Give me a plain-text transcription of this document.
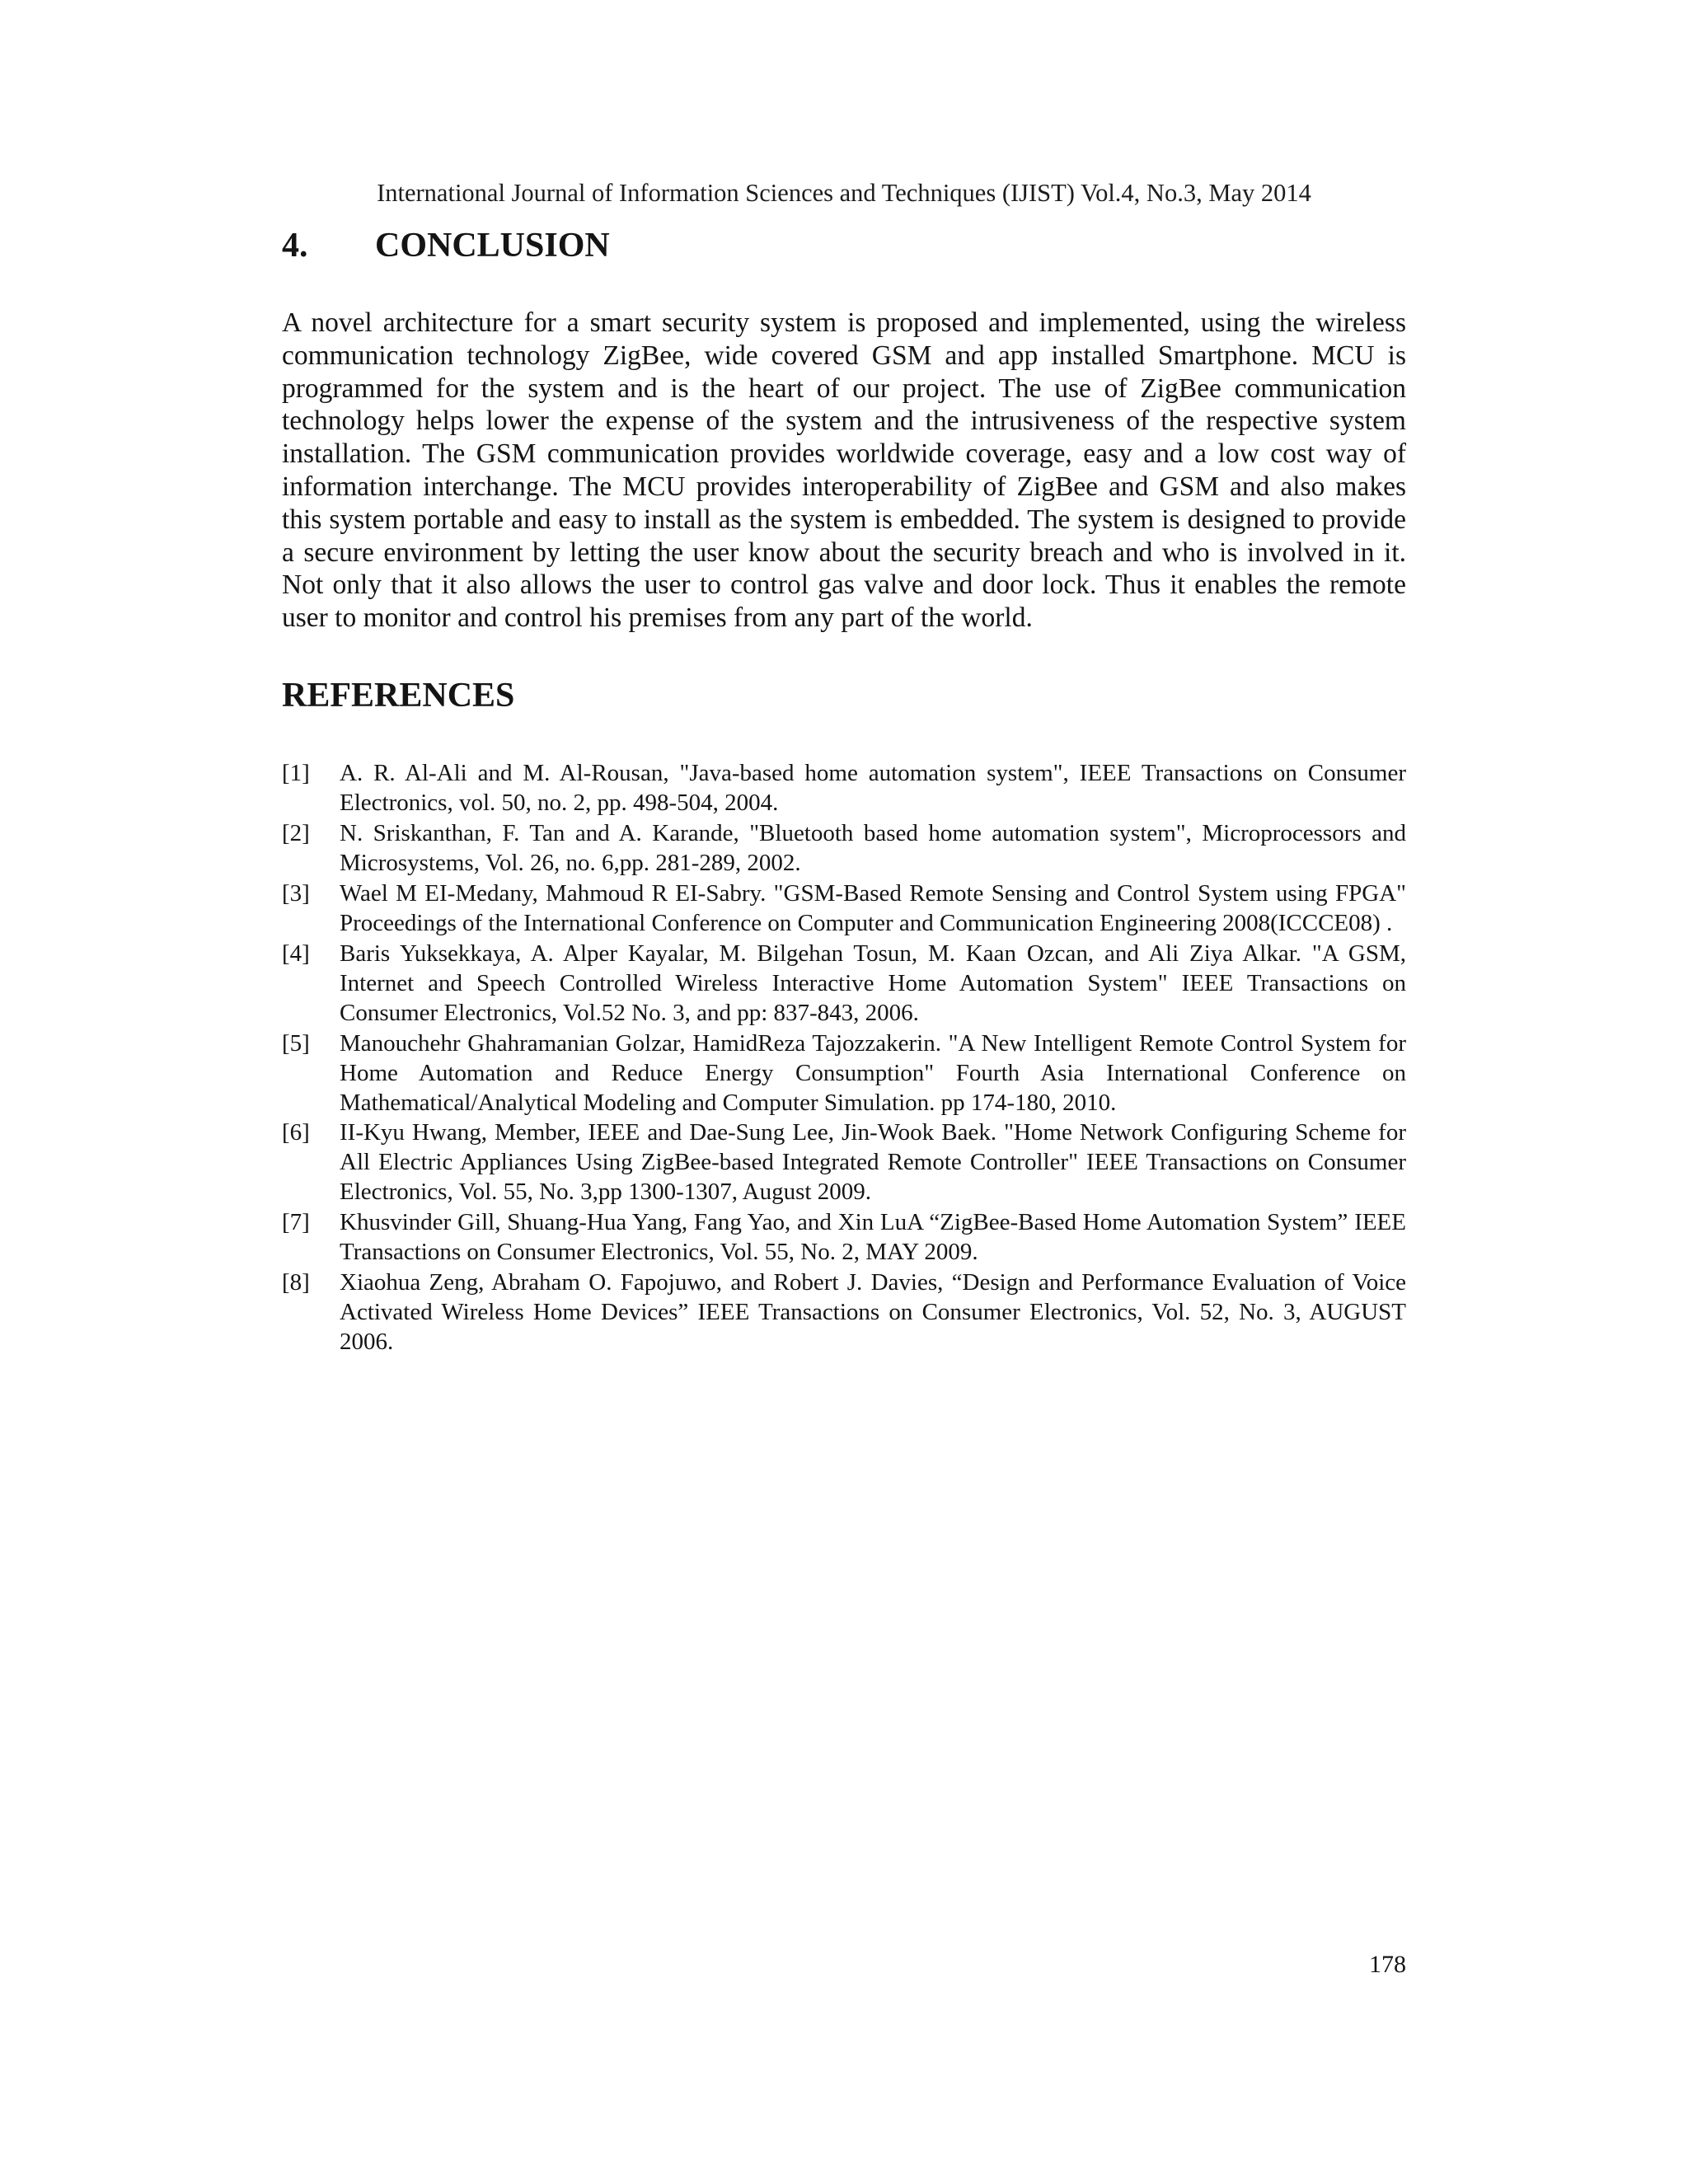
International Journal of Information Sciences and Techniques (IJIST) Vol.4, No.3, May 2014
4. CONCLUSION

A novel architecture for a smart security system is proposed and implemented, using the wireless communication technology ZigBee, wide covered GSM and app installed Smartphone. MCU is programmed for the system and is the heart of our project. The use of ZigBee communication technology helps lower the expense of the system and the intrusiveness of the respective system installation. The GSM communication provides worldwide coverage, easy and a low cost way of information interchange. The MCU provides interoperability of ZigBee and GSM and also makes this system portable and easy to install as the system is embedded. The system is designed to provide a secure environment by letting the user know about the security breach and who is involved in it. Not only that it also allows the user to control gas valve and door lock. Thus it enables the remote user to monitor and control his premises from any part of the world.

REFERENCES
[1]	A. R. Al-Ali and M. Al-Rousan, "Java-based home automation system", IEEE Transactions on Consumer Electronics, vol. 50, no. 2, pp. 498-504, 2004.
[2]	N. Sriskanthan, F. Tan and A. Karande, "Bluetooth based home automation system", Microprocessors and Microsystems, Vol. 26, no. 6,pp. 281-289, 2002.
[3]	Wael M EI-Medany, Mahmoud R EI-Sabry. "GSM-Based Remote Sensing and Control System using FPGA" Proceedings of the International Conference on Computer and Communication Engineering 2008(ICCCE08) .
[4]	Baris Yuksekkaya, A. Alper Kayalar, M. Bilgehan Tosun, M. Kaan Ozcan, and Ali Ziya Alkar. "A GSM, Internet and Speech Controlled Wireless Interactive Home Automation System" IEEE Transactions on Consumer Electronics, Vol.52 No. 3, and pp: 837-843, 2006.
[5]	Manouchehr Ghahramanian Golzar, HamidReza Tajozzakerin. "A New Intelligent Remote Control System for Home Automation and Reduce Energy Consumption" Fourth Asia International Conference on Mathematical/Analytical Modeling and Computer Simulation. pp 174-180, 2010.
[6]	II-Kyu Hwang, Member, IEEE and Dae-Sung Lee, Jin-Wook Baek. "Home Network Configuring Scheme for All Electric Appliances Using ZigBee-based Integrated Remote Controller" IEEE Transactions on Consumer Electronics, Vol. 55, No. 3,pp 1300-1307, August 2009.
[7]	Khusvinder Gill, Shuang-Hua Yang, Fang Yao, and Xin LuA “ZigBee-Based Home Automation System” IEEE Transactions on Consumer Electronics, Vol. 55, No. 2, MAY 2009.
[8]	Xiaohua Zeng, Abraham O. Fapojuwo, and Robert J. Davies, “Design and Performance Evaluation of Voice Activated Wireless Home Devices” IEEE Transactions on Consumer Electronics, Vol. 52, No. 3, AUGUST 2006.
178
